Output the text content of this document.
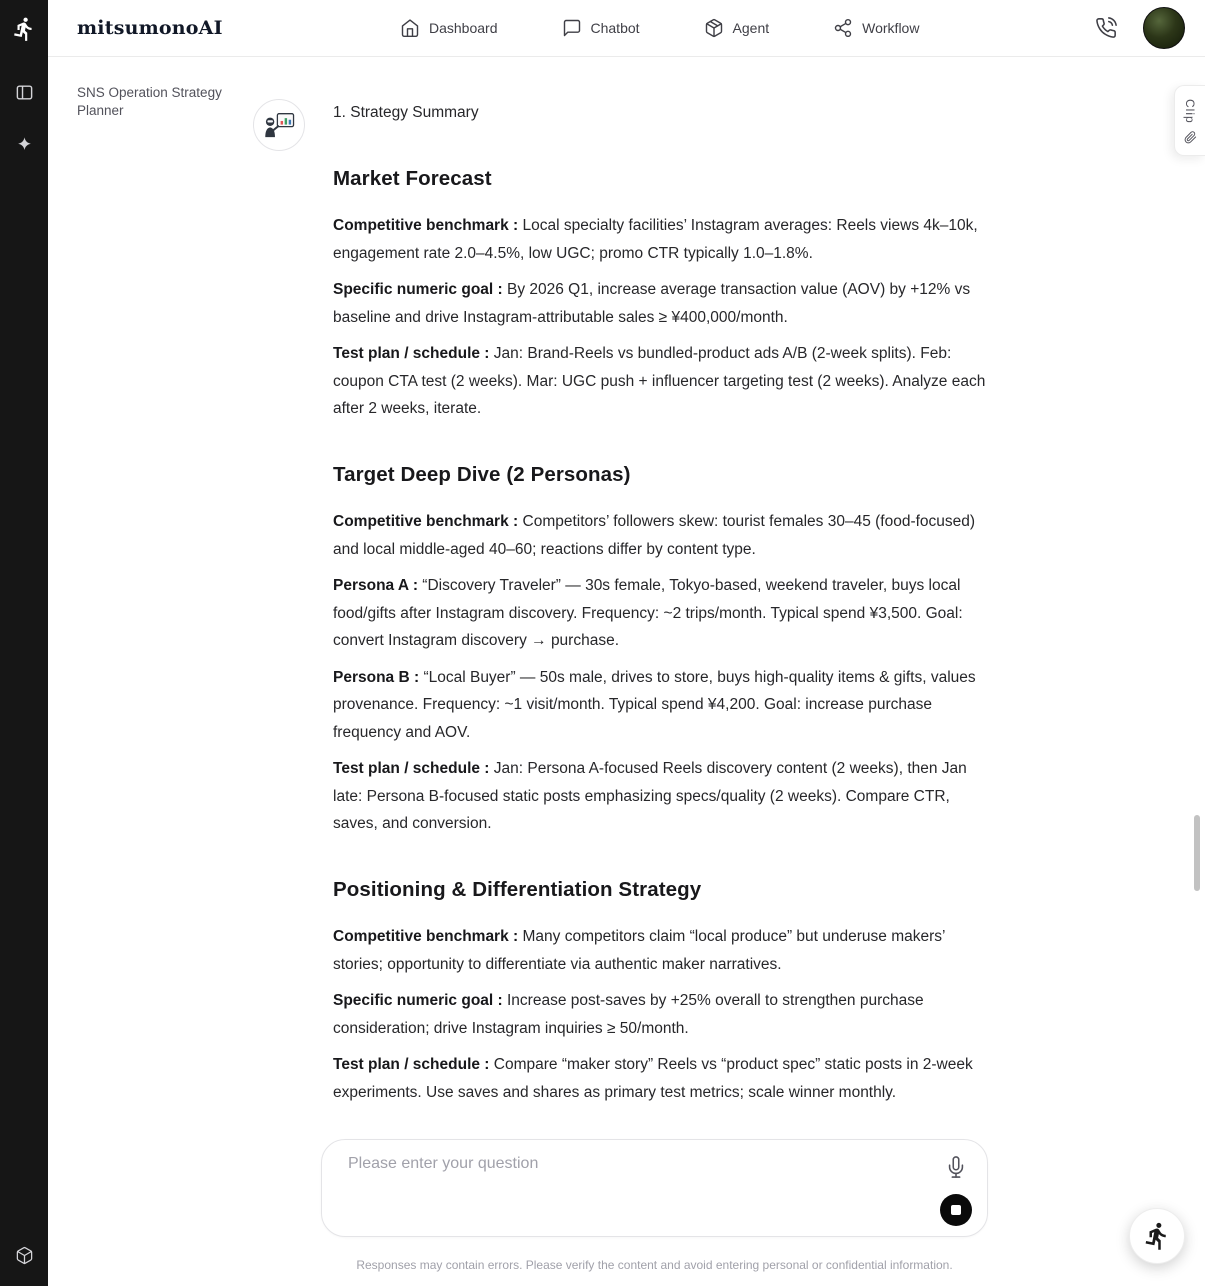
mitsumonoAI	Dashboard	Chatbot	Agent	Workflow
SNS Operation Strategy Planner	1. Strategy Summary

Market Forecast

Competitive benchmark : Local specialty facilities’ Instagram averages: Reels views 4k–10k, engagement rate 2.0–4.5%, low UGC; promo CTR typically 1.0–1.8%.

Specific numeric goal : By 2026 Q1, increase average transaction value (AOV) by +12% vs baseline and drive Instagram-attributable sales ≥ ¥400,000/month.

Test plan / schedule : Jan: Brand-Reels vs bundled-product ads A/B (2-week splits). Feb: coupon CTA test (2 weeks). Mar: UGC push + influencer targeting test (2 weeks). Analyze each after 2 weeks, iterate.

Target Deep Dive (2 Personas)

Competitive benchmark : Competitors’ followers skew: tourist females 30–45 (food-focused) and local middle-aged 40–60; reactions differ by content type.

Persona A : “Discovery Traveler” — 30s female, Tokyo-based, weekend traveler, buys local food/gifts after Instagram discovery. Frequency: ~2 trips/month. Typical spend ¥3,500. Goal: convert Instagram discovery → purchase.

Persona B : “Local Buyer” — 50s male, drives to store, buys high-quality items & gifts, values provenance. Frequency: ~1 visit/month. Typical spend ¥4,200. Goal: increase purchase frequency and AOV.

Test plan / schedule : Jan: Persona A-focused Reels discovery content (2 weeks), then Jan late: Persona B-focused static posts emphasizing specs/quality (2 weeks). Compare CTR, saves, and conversion.

Positioning & Differentiation Strategy

Competitive benchmark : Many competitors claim “local produce” but underuse makers’ stories; opportunity to differentiate via authentic maker narratives.

Specific numeric goal : Increase post-saves by +25% overall to strengthen purchase consideration; drive Instagram inquiries ≥ 50/month.

Test plan / schedule : Compare “maker story” Reels vs “product spec” static posts in 2-week experiments. Use saves and shares as primary test metrics; scale winner monthly.

Clip
Please enter your question
Responses may contain errors. Please verify the content and avoid entering personal or confidential information.
